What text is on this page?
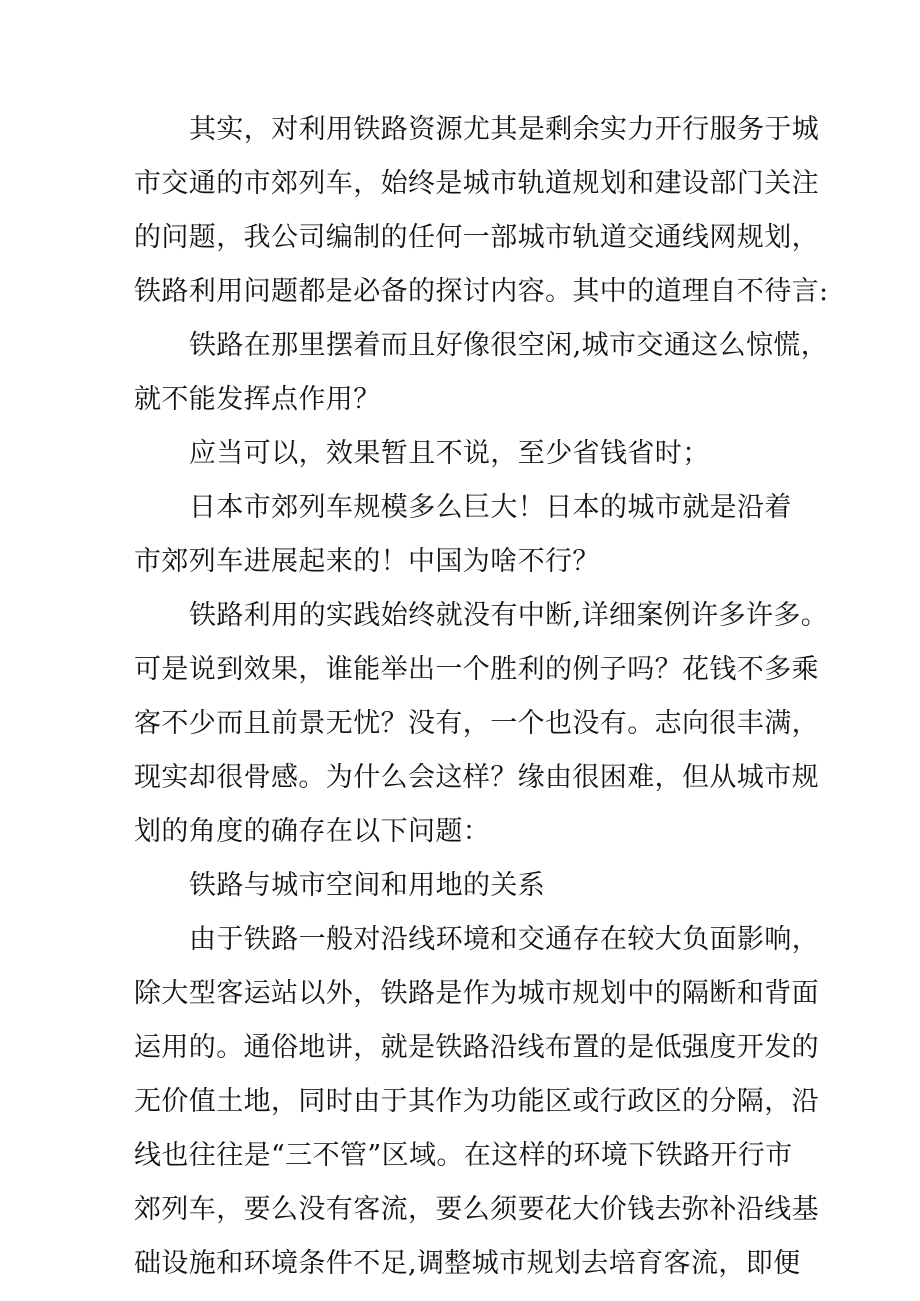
其实，对利用铁路资源尤其是剩余实力开行服务于城
市交通的市郊列车，始终是城市轨道规划和建设部门关注
的问题，我公司编制的任何一部城市轨道交通线网规划，
铁路利用问题都是必备的探讨内容。其中的道理自不待言:
铁路在那里摆着而且好像很空闲,城市交通这么惊慌，
就不能发挥点作用？
应当可以，效果暂且不说，至少省钱省时；
日本市郊列车规模多么巨大！日本的城市就是沿着
市郊列车进展起来的！中国为啥不行？
铁路利用的实践始终就没有中断,详细案例许多许多。
可是说到效果，谁能举出一个胜利的例子吗？花钱不多乘
客不少而且前景无忧？没有，一个也没有。志向很丰满，
现实却很骨感。为什么会这样？缘由很困难，但从城市规
划的角度的确存在以下问题：
铁路与城市空间和用地的关系
由于铁路一般对沿线环境和交通存在较大负面影响，
除大型客运站以外，铁路是作为城市规划中的隔断和背面
运用的。通俗地讲，就是铁路沿线布置的是低强度开发的
无价值土地，同时由于其作为功能区或行政区的分隔，沿
线也往往是“三不管”区域。在这样的环境下铁路开行市
郊列车，要么没有客流，要么须要花大价钱去弥补沿线基
础设施和环境条件不足,调整城市规划去培育客流，即便
